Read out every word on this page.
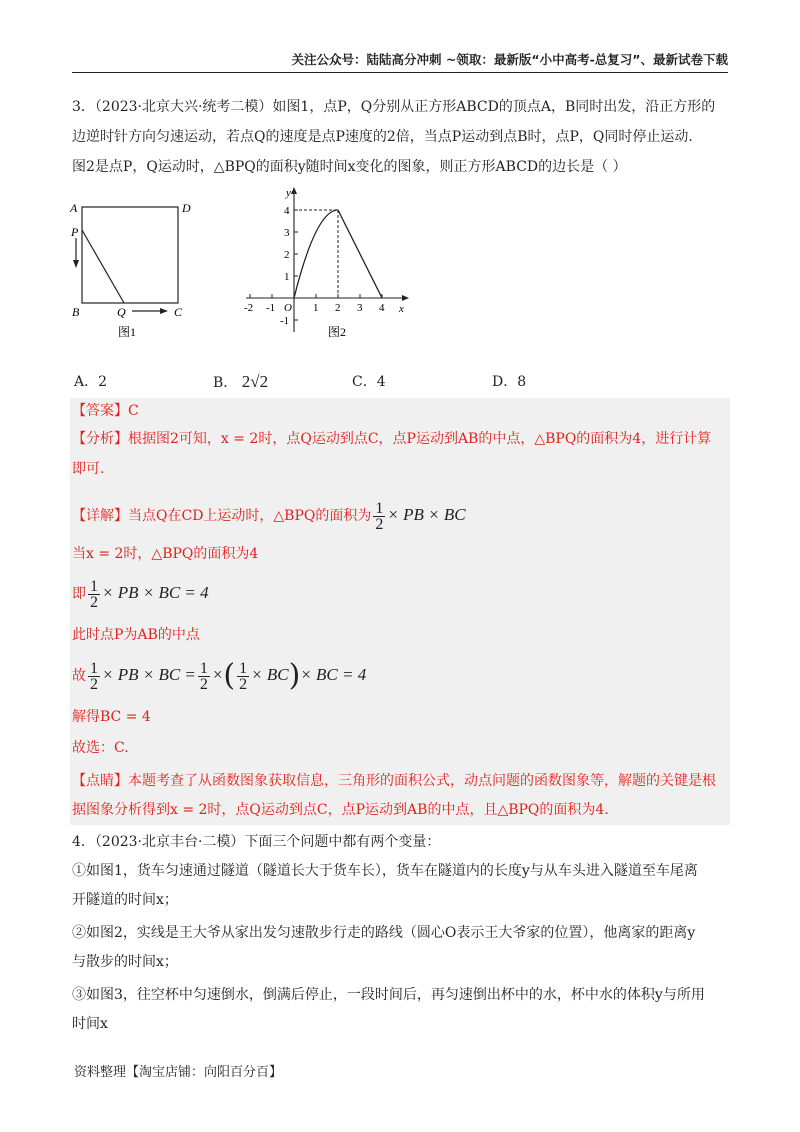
关注公众号：陆陆高分冲刺 ~领取：最新版“小中高考-总复习”、最新试卷下载
3．（2023·北京大兴·统考二模）如图1，点P，Q分别从正方形ABCD的顶点A，B同时出发，沿正方形的
边逆时针方向匀速运动，若点Q的速度是点P速度的2倍，当点P运动到点B时，点P，Q同时停止运动.
图2是点P，Q运动时，△BPQ的面积y随时间x变化的图象，则正方形ABCD的边长是（ ）
A	D
P
B	Q	C
图1
y
x
O
4
3
2
1
-1
-2 -1	1 2 3 4
图2
A．2	B． 2√2	C．4	D．8
【答案】C
【分析】根据图2可知，x = 2时，点Q运动到点C，点P运动到AB的中点，△BPQ的面积为4，进行计算
即可.
【详解】当点Q在CD上运动时，△BPQ的面积为 $\frac{1}{2}$ × PB × BC
当x = 2时，△BPQ的面积为4
即 $\frac{1}{2}$ × PB × BC = 4
此时点P为AB的中点
故 $\frac{1}{2}$ × PB × BC = $\frac{1}{2}$ ×( $\frac{1}{2} \times BC)\times$ BC = 4
解得BC = 4
故选：C.
【点睛】本题考查了从函数图象获取信息，三角形的面积公式，动点问题的函数图象等，解题的关键是根
据图象分析得到x = 2时，点Q运动到点C，点P运动到AB的中点，且△BPQ的面积为4.
4．（2023·北京丰台·二模）下面三个问题中都有两个变量：
①如图1，货车匀速通过隧道（隧道长大于货车长），货车在隧道内的长度y与从车头进入隧道至车尾离
开隧道的时间x；
②如图2，实线是王大爷从家出发匀速散步行走的路线（圆心O表示王大爷家的位置），他离家的距离y
与散步的时间x；
③如图3，往空杯中匀速倒水，倒满后停止，一段时间后，再匀速倒出杯中的水，杯中水的体积y与所用
时间x
资料整理【淘宝店铺：向阳百分百】
